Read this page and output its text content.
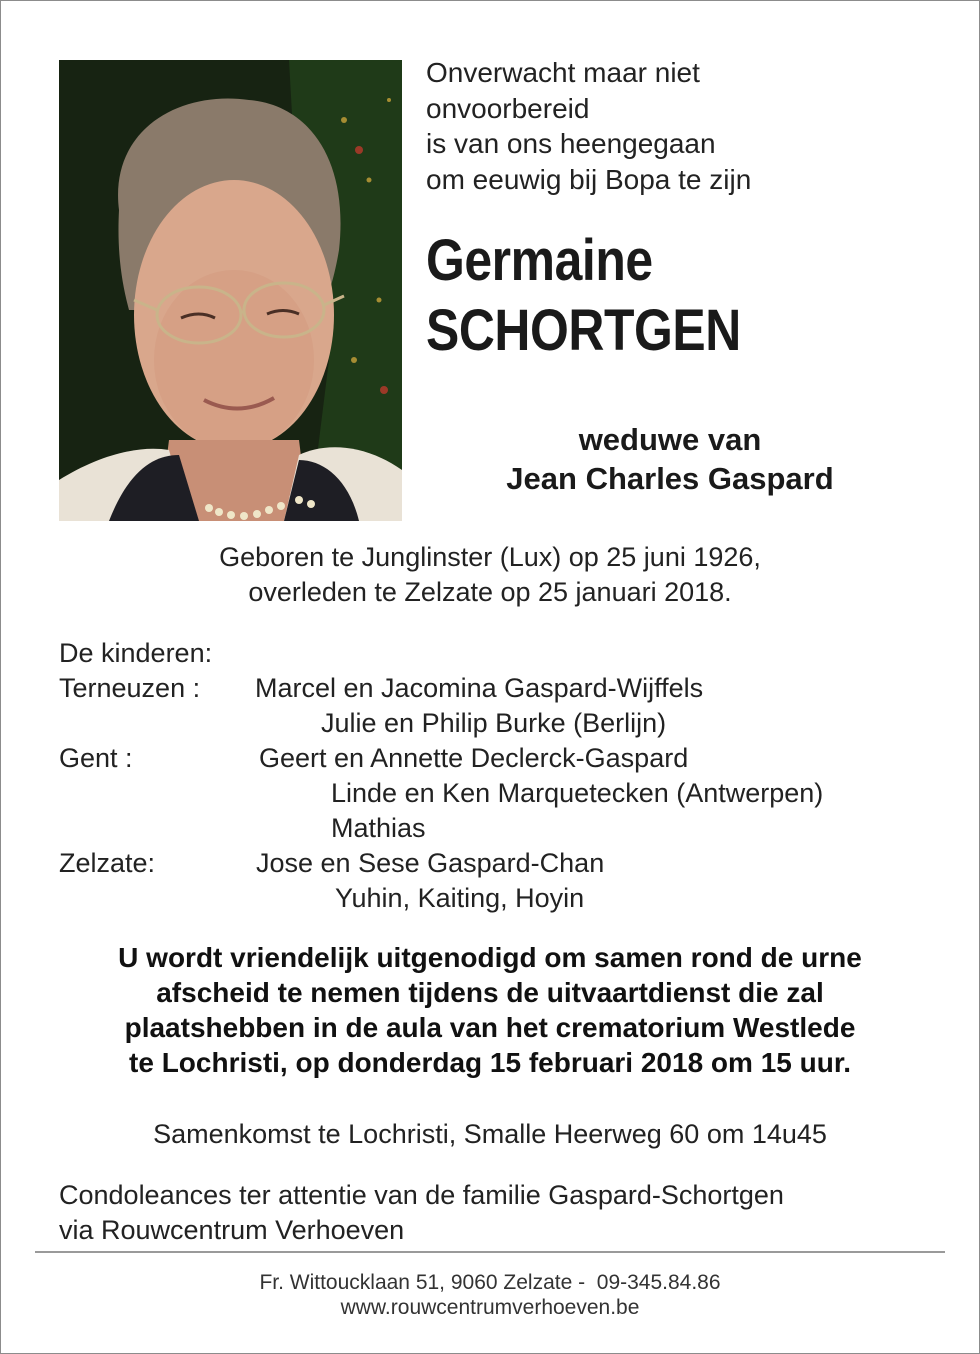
Onverwacht maar niet
onvoorbereid
is van ons heengegaan
om eeuwig bij Bopa te zijn
Germaine
SCHORTGEN
weduwe van
Jean Charles Gaspard
Geboren te Junglinster (Lux) op 25 juni 1926,
overleden te Zelzate op 25 januari 2018.
De kinderen:
Terneuzen : Marcel en Jacomina Gaspard-Wijffels
Julie en Philip Burke (Berlijn)
Gent :	Geert en Annette Declerck-Gaspard
Linde en Ken Marquetecken (Antwerpen)
Mathias
Zelzate:	Jose en Sese Gaspard-Chan
Yuhin, Kaiting, Hoyin
U wordt vriendelijk uitgenodigd om samen rond de urne
afscheid te nemen tijdens de uitvaartdienst die zal
plaatshebben in de aula van het crematorium Westlede
te Lochristi, op donderdag 15 februari 2018 om 15 uur.
Samenkomst te Lochristi, Smalle Heerweg 60 om 14u45
Condoleances ter attentie van de familie Gaspard-Schortgen
via Rouwcentrum Verhoeven
Fr. Wittoucklaan 51, 9060 Zelzate -  09-345.84.86
www.rouwcentrumverhoeven.be
